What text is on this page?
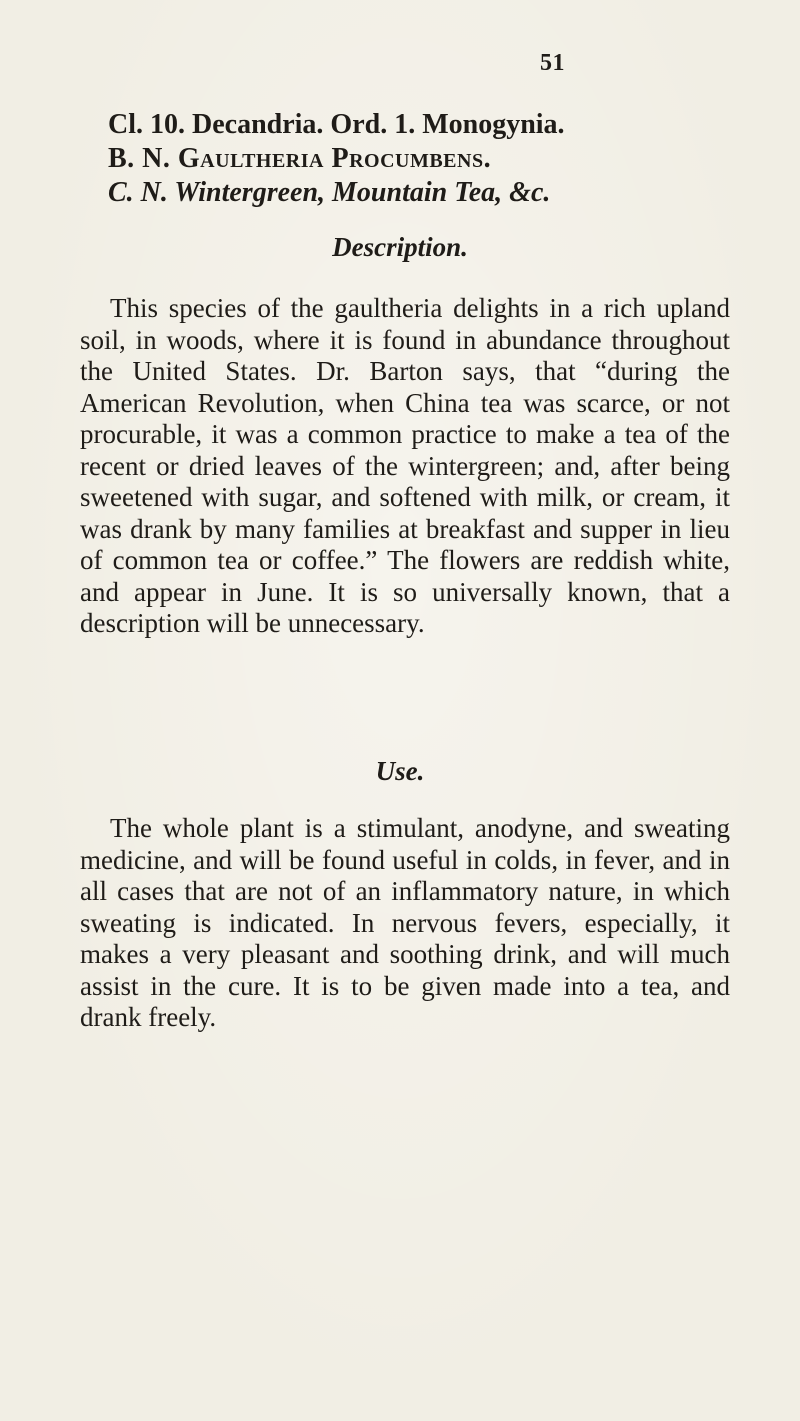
51
Cl. 10. Decandria. Ord. 1. Monogynia.
B. N. Gaultheria Procumbens.
C. N. Wintergreen, Mountain Tea, &c.
Description.
This species of the gaultheria delights in a rich upland soil, in woods, where it is found in abundance throughout the United States. Dr. Barton says, that “during the American Revolution, when China tea was scarce, or not procurable, it was a common practice to make a tea of the recent or dried leaves of the wintergreen; and, after being sweetened with sugar, and softened with milk, or cream, it was drank by many families at breakfast and supper in lieu of common tea or coffee.” The flowers are reddish white, and appear in June. It is so universally known, that a description will be unnecessary.
Use.
The whole plant is a stimulant, anodyne, and sweating medicine, and will be found useful in colds, in fever, and in all cases that are not of an inflammatory nature, in which sweating is indicated. In nervous fevers, especially, it makes a very pleasant and soothing drink, and will much assist in the cure. It is to be given made into a tea, and drank freely.
